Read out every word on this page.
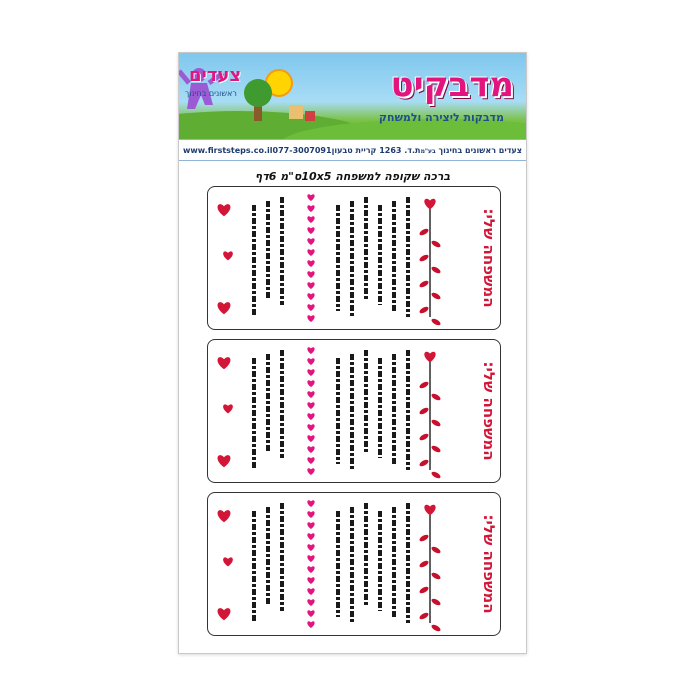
מדבקיט
מדבקות ליצירה ולמשחק
צעדים
ראשונים בחינוך
www.firststeps.co.il 077-3007091 ת.ד. 1263 קריית טבעון	צעדים ראשונים בחינוך בע"מ
ברכה שקופה למשפחה 10x5ס"מ 6דף
המשפחה שלי:
המשפחה שלי:
המשפחה שלי:
